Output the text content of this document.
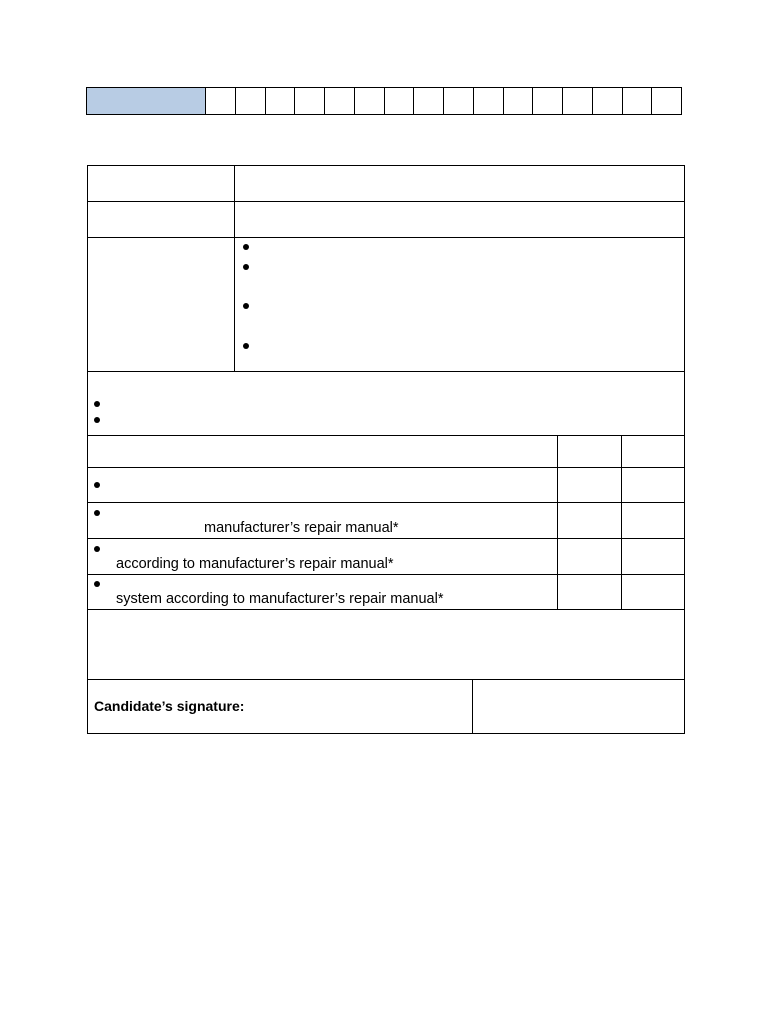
manufacturer’s repair manual*
according to manufacturer’s repair manual*
system according to manufacturer’s repair manual*
Candidate’s signature:
